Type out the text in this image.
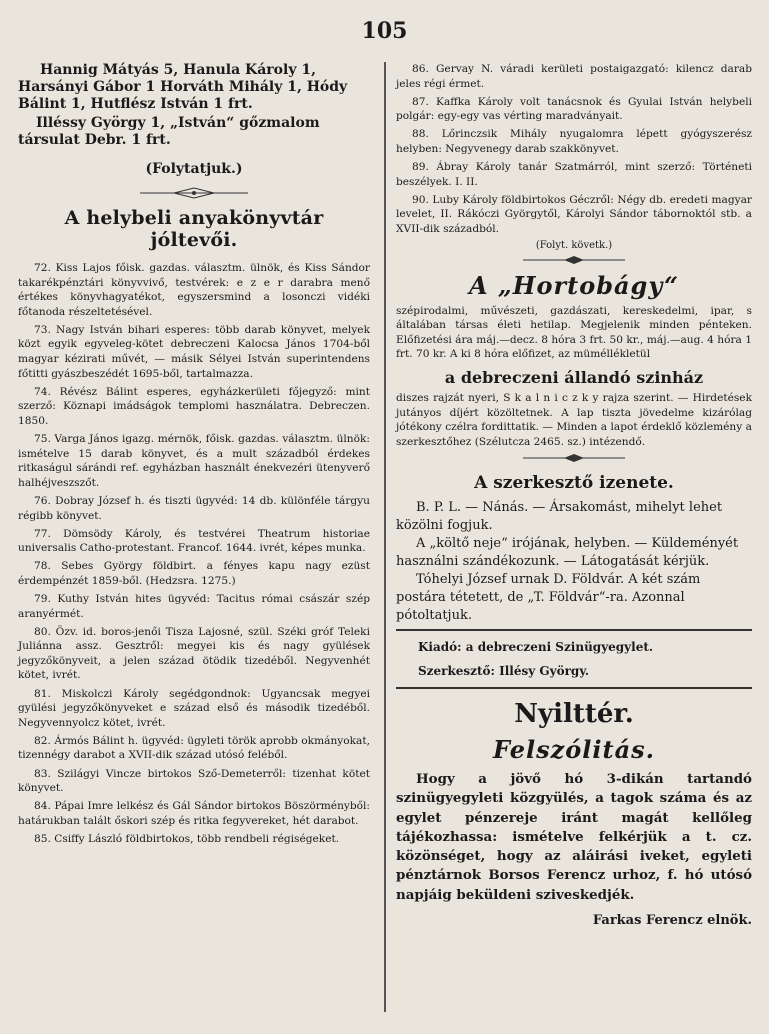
105

Hannig Mátyás 5, Hanula Károly 1, Harsányi Gábor 1 Horváth Mihály 1, Hódy Bálint 1, Hutflész István 1 frt.

Illéssy György 1, „István“ gőzmalom társulat Debr. 1 frt.

(Folytatjuk.)

A helybeli anyakönyvtár jóltevői.

72. Kiss Lajos főisk. gazdas. választm. ülnök, és Kiss Sándor takarékpénztári könyvvivő, testvérek: e z e r darabra menő értékes könyvhagyatékot, egyszersmind a losonczi vidéki főtanoda részeltetésével.

73. Nagy István bihari esperes: több darab könyvet, melyek közt egyik egyveleg-kötet debreczeni Kalocsa János 1704-ből magyar kézirati művét, — másik Sélyei István superintendens főtitti gyászbeszédét 1695-ből, tartalmazza.

74. Révész Bálint esperes, egyházkerületi főjegyző: mint szerző: Köznapi imádságok templomi használatra. Debreczen. 1850.

75. Varga János igazg. mérnök, főisk. gazdas. választm. ülnök: ismételve 15 darab könyvet, és a mult századból érdekes ritkaságul sárándi ref. egyházban használt énekvezéri ütenyverő halhéjveszszőt.

76. Dobray József h. és tiszti ügyvéd: 14 db. különféle tárgyu régibb könyvet.

77. Dömsödy Károly, és testvérei Theatrum historiae universalis Catho-protestant. Francof. 1644. ivrét, képes munka.

78. Sebes György földbirt. a fényes kapu nagy ezüst érdempénzét 1859-ből. (Hedzsra. 1275.)

79. Kuthy István hites ügyvéd: Tacitus római császár szép aranyérmét.

80. Özv. id. boros-jenői Tisza Lajosné, szül. Széki gróf Teleki Juliánna assz. Gesztről: megyei kis és nagy gyülések jegyzőkönyveit, a jelen század ötödik tizedéből. Negyvenhét kötet, ivrét.

81. Miskolczi Károly segédgondnok: Ugyancsak megyei gyülési jegyzőkönyveket e század első és második tizedéből. Negyvennyolcz kötet, ivrét.

82. Ármós Bálint h. ügyvéd: ügyleti török aprobb okmányokat, tizennégy darabot a XVII-dik század utósó feléből.

83. Szilágyi Vincze birtokos Sző-Demeterről: tizenhat kötet könyvet.

84. Pápai Imre lelkész és Gál Sándor birtokos Böszörményből: határukban talált őskori szép és ritka fegyvereket, hét darabot.

85. Csiffy László földbirtokos, több rendbeli régiségeket.

86. Gervay N. váradi kerületi postaigazgató: kilencz darab jeles régi érmet.

87. Kaffka Károly volt tanácsnok és Gyulai István helybeli polgár: egy-egy vas vérting maradványait.

88. Lőrinczsik Mihály nyugalomra lépett gyógyszerész helyben: Negyvenegy darab szakkönyvet.

89. Ábray Károly tanár Szatmárról, mint szerző: Történeti beszélyek. I. II.

90. Luby Károly földbirtokos Géczről: Négy db. eredeti magyar levelet, II. Rákóczi Györgytől, Károlyi Sándor tábornoktól stb. a XVII-dik századból.

(Folyt. követk.)

A „Hortobágy“

szépirodalmi, művészeti, gazdászati, kereskedelmi, ipar, s általában társas életi hetilap. Megjelenik minden pénteken. Előfizetési ára máj.—decz. 8 hóra 3 frt. 50 kr., máj.—aug. 4 hóra 1 frt. 70 kr. A ki 8 hóra előfizet, az müméllékletül

a debreczeni állandó szinház

diszes rajzát nyeri, S k a l n i c z k y rajza szerint. — Hirdetések jutányos díjért közöltetnek. A lap tiszta jövedelme kizárólag jótékony czélra fordittatik. — Minden a lapot érdeklő közlemény a szerkesztőhez (Szélutcza 2465. sz.) intézendő.

A szerkesztő izenete.

B. P. L. — Nánás. — Ársakomást, mihelyt lehet közölni fogjuk.

A „költő neje“ irójának, helyben. — Küldeményét használni szándékozunk. — Látogatását kérjük.

Tóhelyi József urnak D. Földvár. A két szám postára tétetett, de „T. Földvár“-ra. Azonnal pótoltatjuk.

Kiadó: a debreczeni Szinügyegylet.

Szerkesztő: Illésy György.

Nyilttér.

Felszólitás.

Hogy a jövő hó 3-dikán tartandó szinügyegyleti közgyülés, a tagok száma és az egylet pénzereje iránt magát kellőleg tájékozhassa: ismételve felkérjük a t. cz. közönséget, hogy az aláirási iveket, egyleti pénztárnok Borsos Ferencz urhoz, f. hó utósó napjáig beküldeni sziveskedjék.

Farkas Ferencz elnök.
